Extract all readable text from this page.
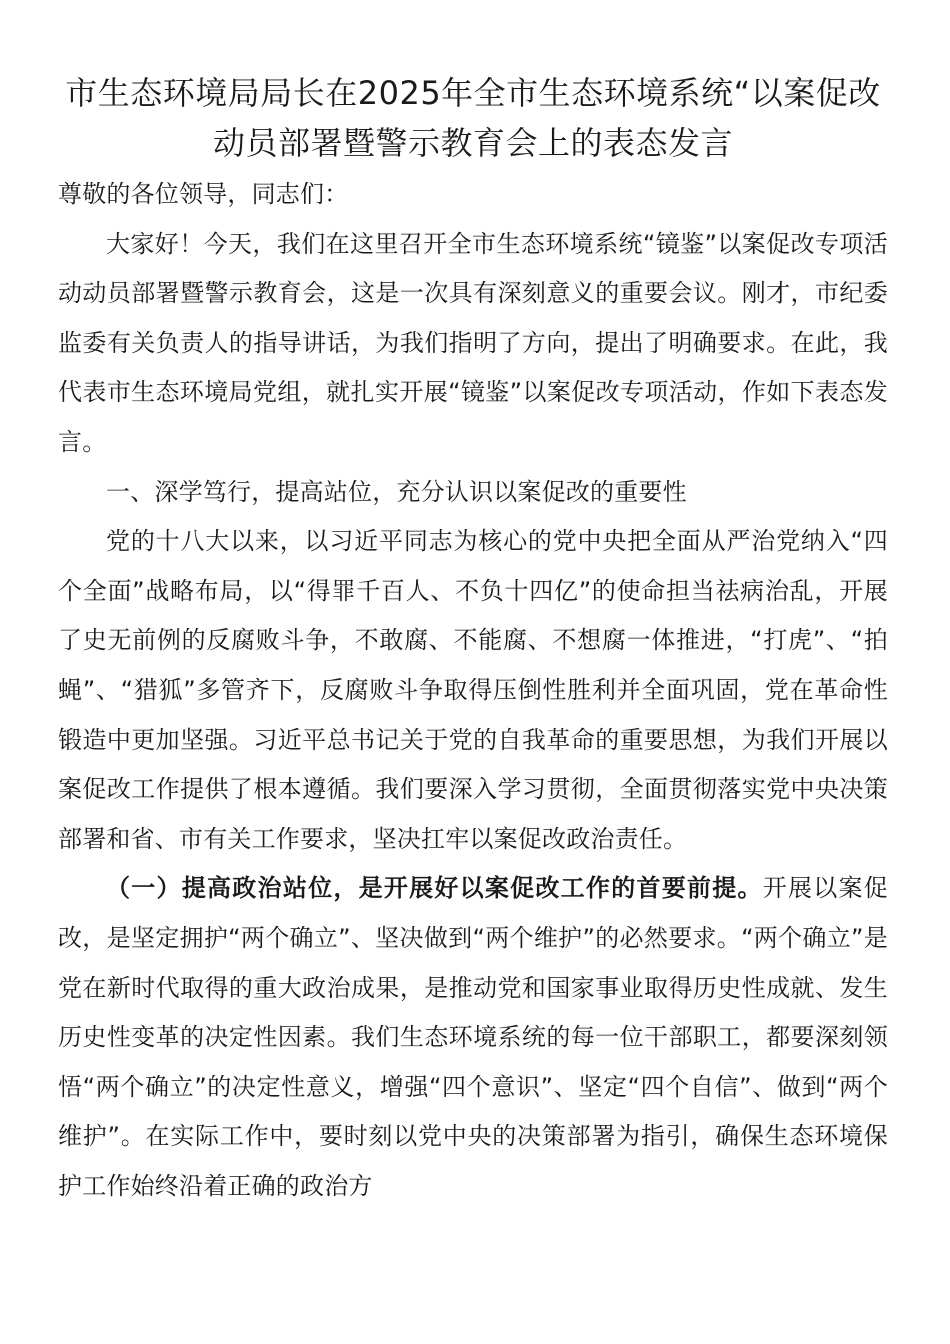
市生态环境局局长在2025年全市生态环境系统“以案促改动员部署暨警示教育会上的表态发言

尊敬的各位领导，同志们：

大家好！今天，我们在这里召开全市生态环境系统“镜鉴”以案促改专项活动动员部署暨警示教育会，这是一次具有深刻意义的重要会议。刚才，市纪委监委有关负责人的指导讲话，为我们指明了方向，提出了明确要求。在此，我代表市生态环境局党组，就扎实开展“镜鉴”以案促改专项活动，作如下表态发言。

一、深学笃行，提高站位，充分认识以案促改的重要性

党的十八大以来，以习近平同志为核心的党中央把全面从严治党纳入“四个全面”战略布局，以“得罪千百人、不负十四亿”的使命担当祛病治乱，开展了史无前例的反腐败斗争，不敢腐、不能腐、不想腐一体推进，“打虎”、“拍蝇”、“猎狐”多管齐下，反腐败斗争取得压倒性胜利并全面巩固，党在革命性锻造中更加坚强。习近平总书记关于党的自我革命的重要思想，为我们开展以案促改工作提供了根本遵循。我们要深入学习贯彻，全面贯彻落实党中央决策部署和省、市有关工作要求，坚决扛牢以案促改政治责任。

（一）提高政治站位，是开展好以案促改工作的首要前提。开展以案促改，是坚定拥护“两个确立”、坚决做到“两个维护”的必然要求。“两个确立”是党在新时代取得的重大政治成果，是推动党和国家事业取得历史性成就、发生历史性变革的决定性因素。我们生态环境系统的每一位干部职工，都要深刻领悟“两个确立”的决定性意义，增强“四个意识”、坚定“四个自信”、做到“两个维护”。在实际工作中，要时刻以党中央的决策部署为指引，确保生态环境保护工作始终沿着正确的政治方
